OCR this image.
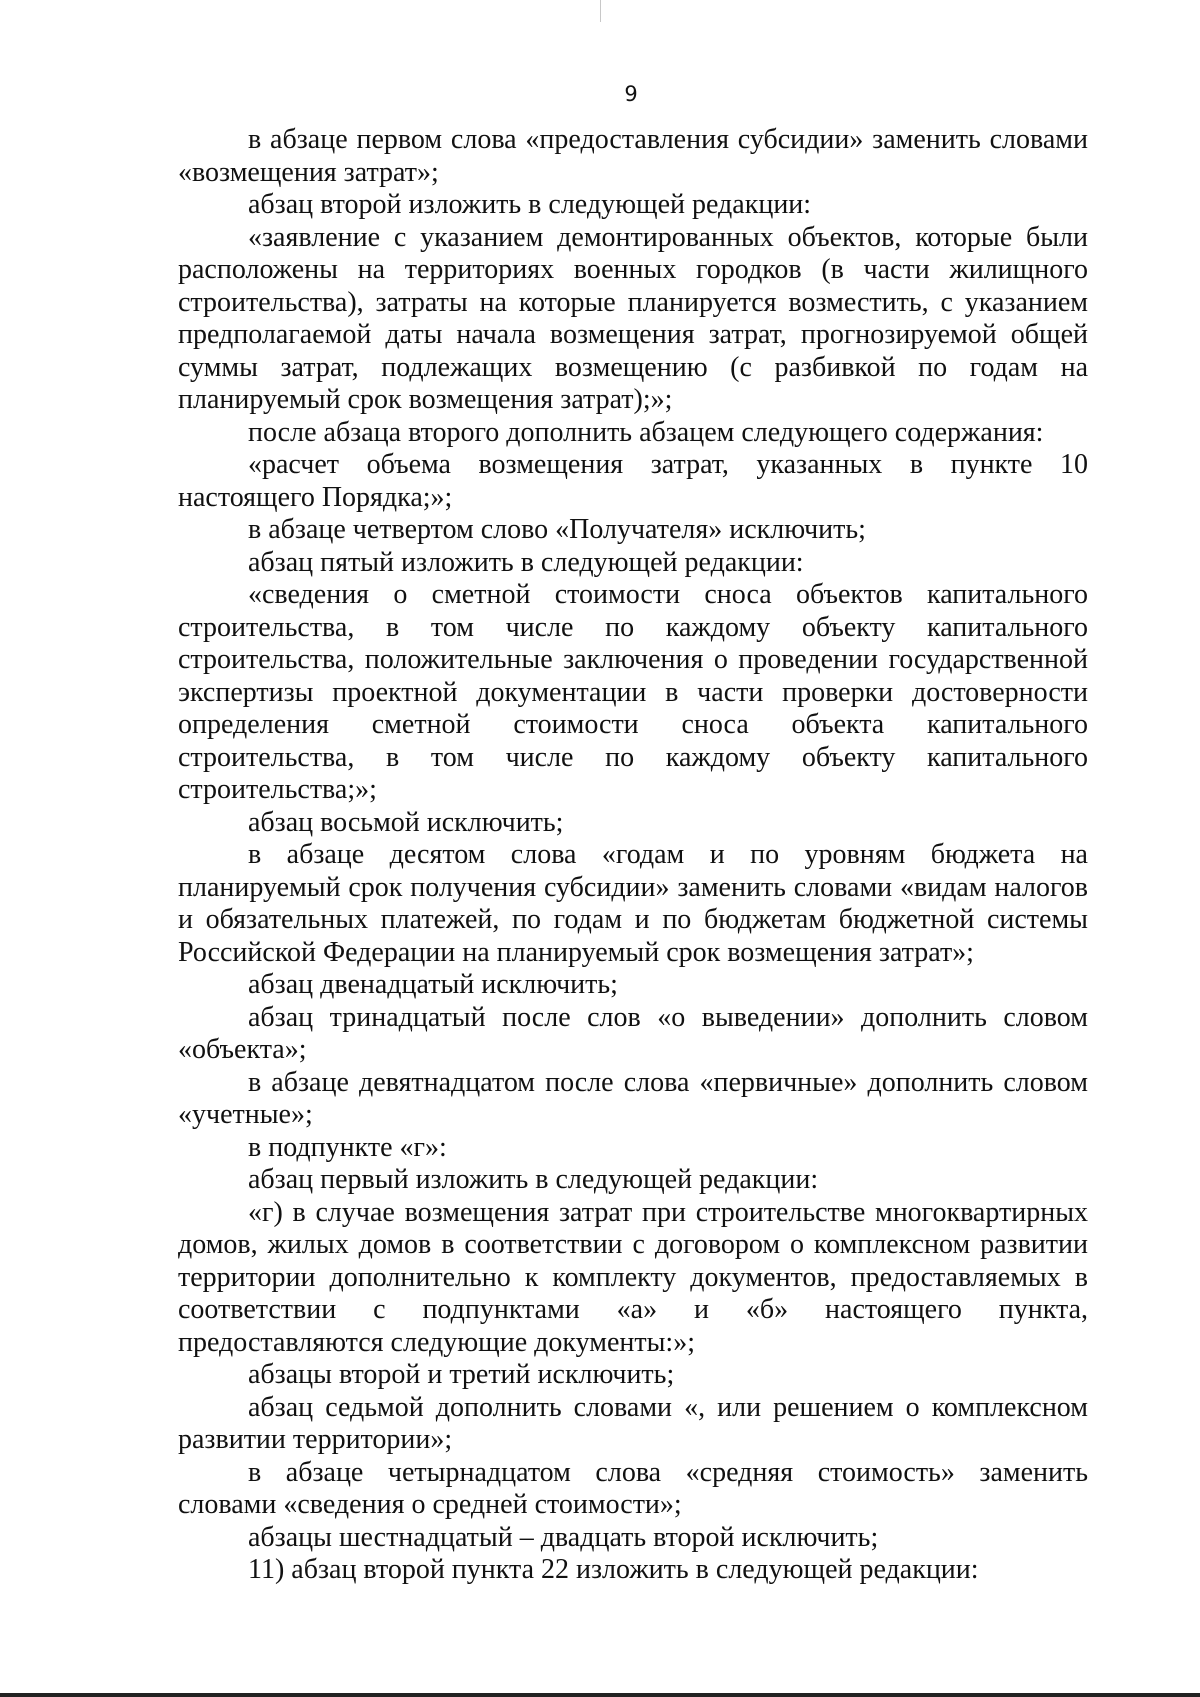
9

в абзаце первом слова «предоставления субсидии» заменить словами «возмещения затрат»;

абзац второй изложить в следующей редакции:

«заявление с указанием демонтированных объектов, которые были расположены на территориях военных городков (в части жилищного строительства), затраты на которые планируется возместить, с указанием предполагаемой даты начала возмещения затрат, прогнозируемой общей суммы затрат, подлежащих возмещению (с разбивкой по годам на планируемый срок возмещения затрат);»;

после абзаца второго дополнить абзацем следующего содержания:

«расчет объема возмещения затрат, указанных в пункте 10 настоящего Порядка;»;

в абзаце четвертом слово «Получателя» исключить;

абзац пятый изложить в следующей редакции:

«сведения о сметной стоимости сноса объектов капитального строительства, в том числе по каждому объекту капитального строительства, положительные заключения о проведении государственной экспертизы проектной документации в части проверки достоверности определения сметной стоимости сноса объекта капитального строительства, в том числе по каждому объекту капитального строительства;»;

абзац восьмой исключить;

в абзаце десятом слова «годам и по уровням бюджета на планируемый срок получения субсидии» заменить словами «видам налогов и обязательных платежей, по годам и по бюджетам бюджетной системы Российской Федерации на планируемый срок возмещения затрат»;

абзац двенадцатый исключить;

абзац тринадцатый после слов «о выведении» дополнить словом «объекта»;

в абзаце девятнадцатом после слова «первичные» дополнить словом «учетные»;

в подпункте «г»:

абзац первый изложить в следующей редакции:

«г) в случае возмещения затрат при строительстве многоквартирных домов, жилых домов в соответствии с договором о комплексном развитии территории дополнительно к комплекту документов, предоставляемых в соответствии с подпунктами «а» и «б» настоящего пункта, предоставляются следующие документы:»;

абзацы второй и третий исключить;

абзац седьмой дополнить словами «, или решением о комплексном развитии территории»;

в абзаце четырнадцатом слова «средняя стоимость» заменить словами «сведения о средней стоимости»;

абзацы шестнадцатый – двадцать второй исключить;

11) абзац второй пункта 22 изложить в следующей редакции:
